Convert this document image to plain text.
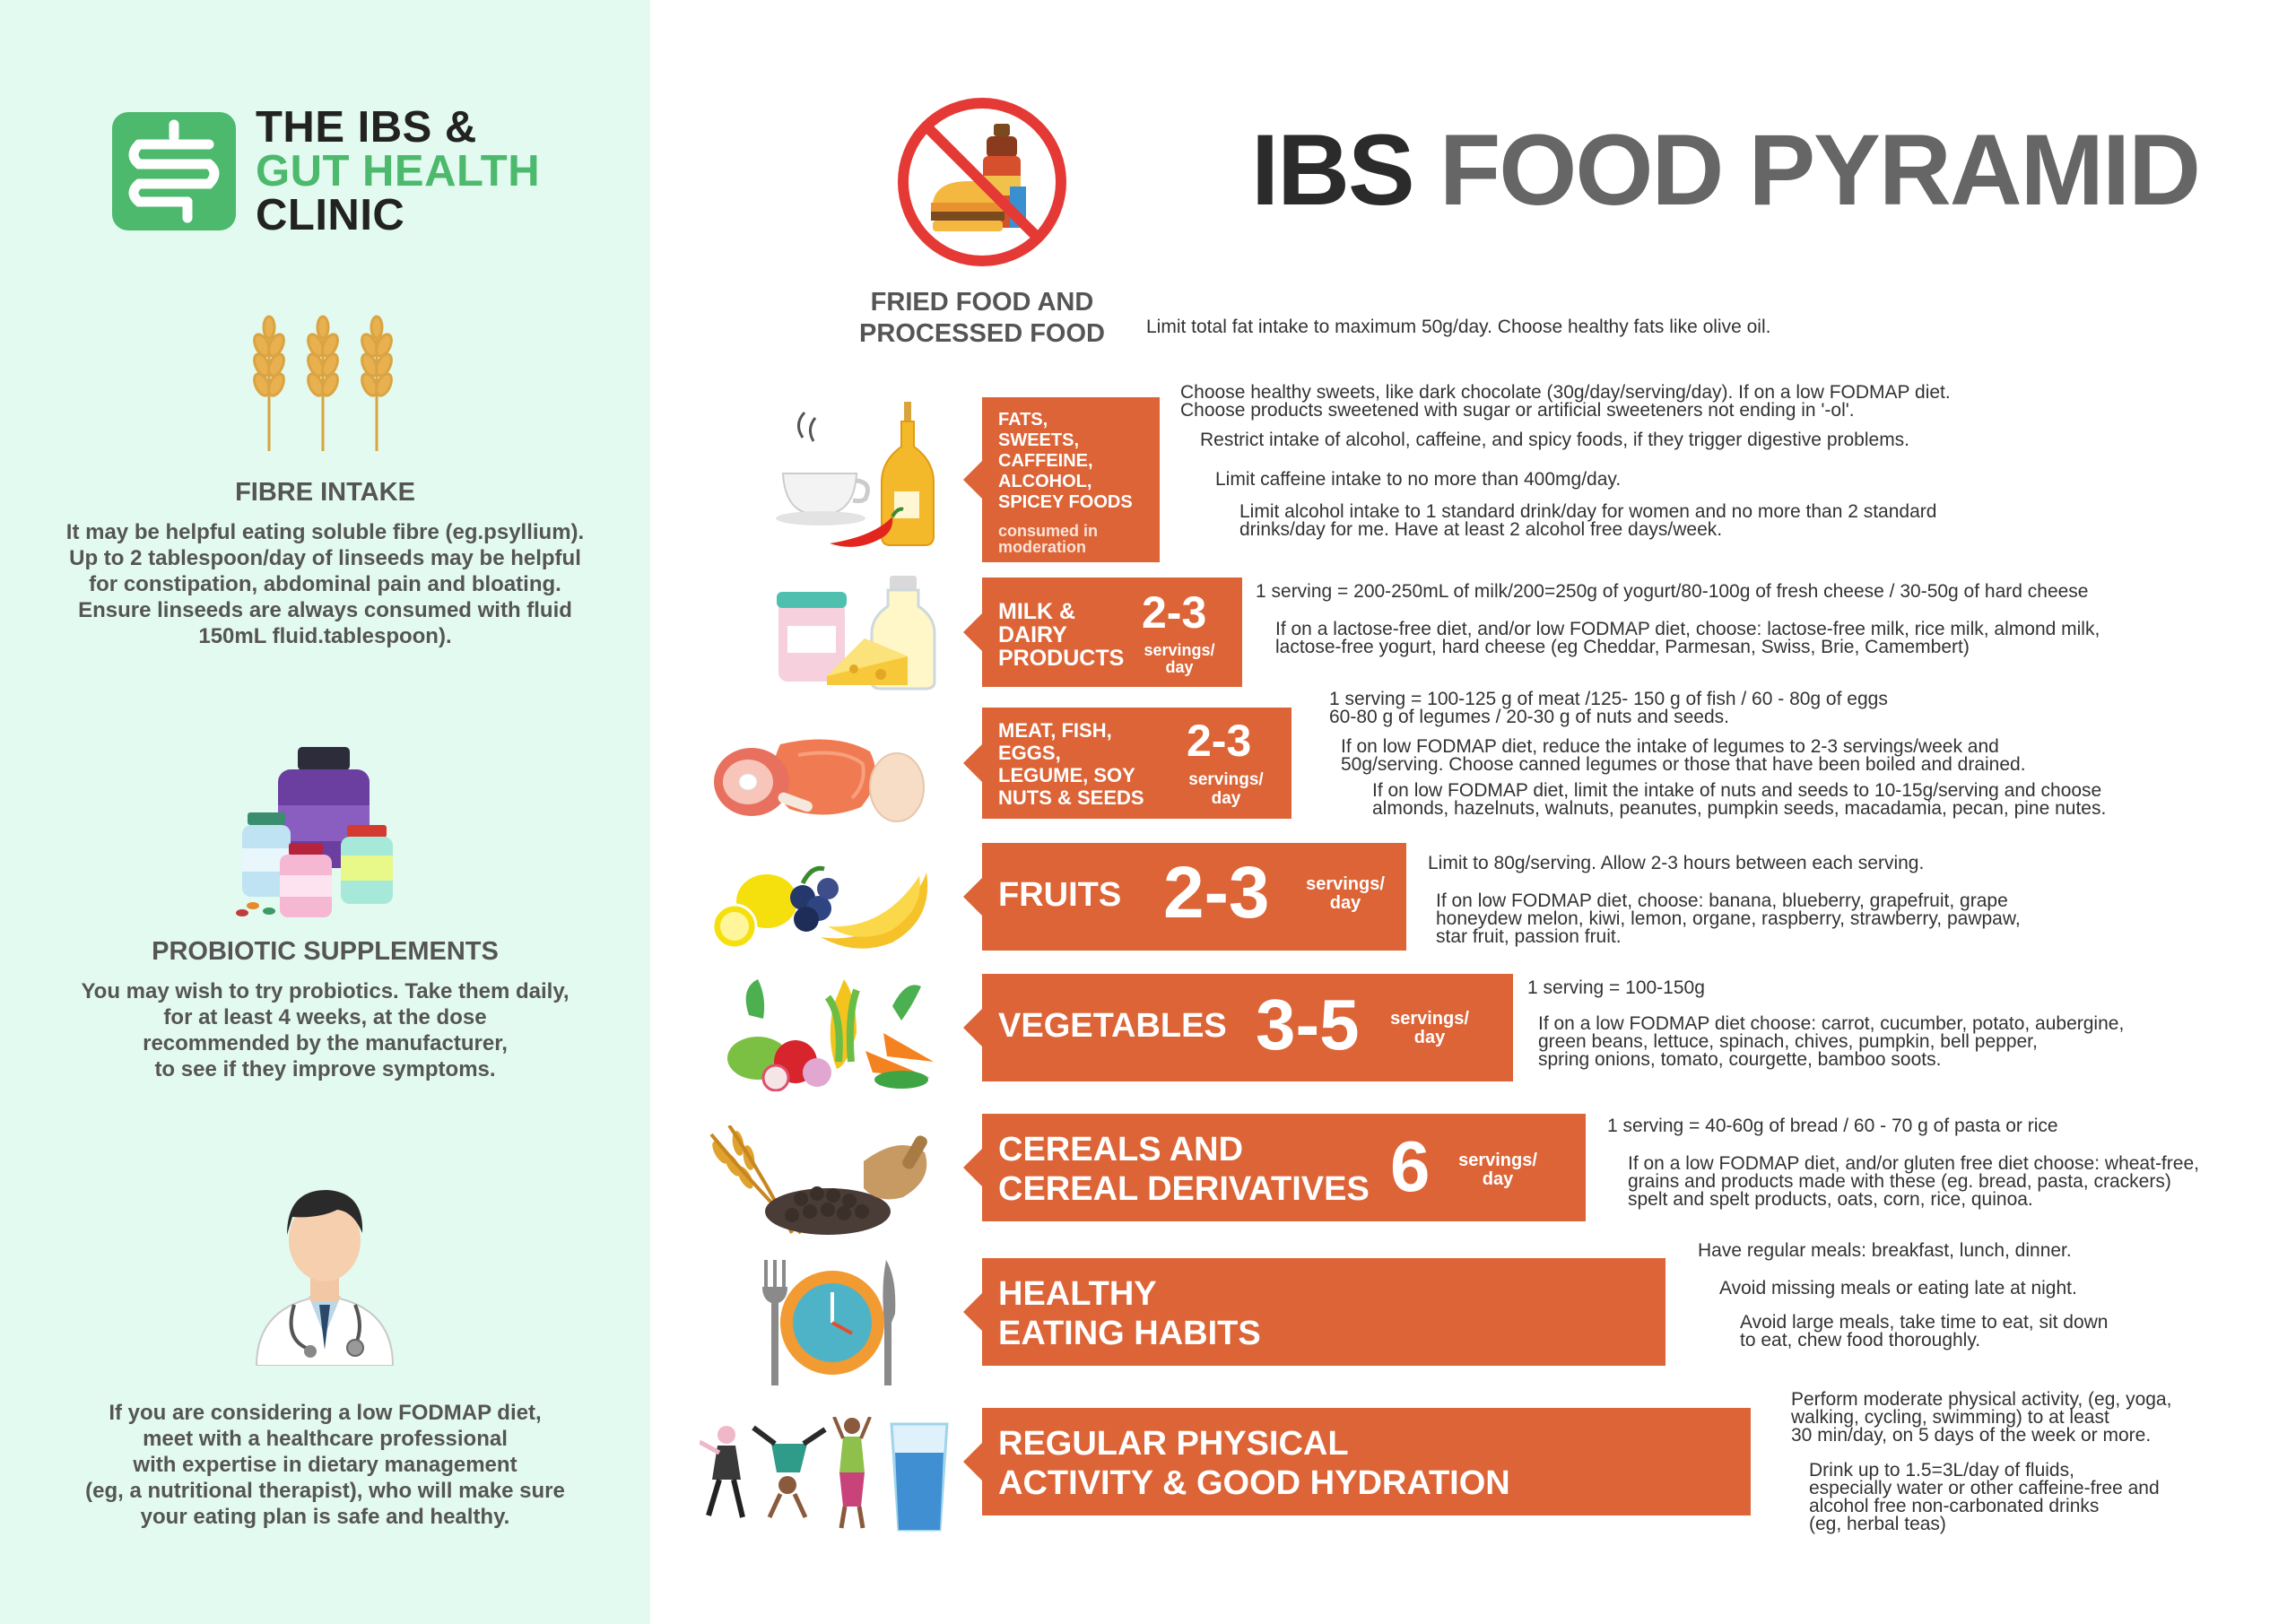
THE IBS &
GUT HEALTH
CLINIC
FIBRE INTAKE
It may be helpful eating soluble fibre (eg.psyllium).
Up to 2 tablespoon/day of linseeds may be helpful
for constipation, abdominal pain and bloating.
Ensure linseeds are always consumed with fluid
150mL fluid.tablespoon).
PROBIOTIC SUPPLEMENTS
You may wish to try probiotics. Take them daily,
for at least 4 weeks, at the dose
recommended by the manufacturer,
to see if they improve symptoms.
If you are considering a low FODMAP diet,
meet with a healthcare professional
with expertise in dietary management
(eg, a nutritional therapist), who will make sure
your eating plan is safe and healthy.
IBS FOOD PYRAMID
FRIED FOOD AND
PROCESSED FOOD	Limit total fat intake to maximum 50g/day. Choose healthy fats like olive oil.
FATS,
SWEETS,
CAFFEINE,
ALCOHOL,
SPICEY FOODS
consumed in
moderation
Choose healthy sweets, like dark chocolate (30g/day/serving/day). If on a low FODMAP diet.
Choose products sweetened with sugar or artificial sweeteners not ending in '-ol'.
Restrict intake of alcohol, caffeine, and spicy foods, if they trigger digestive problems.
Limit caffeine intake to no more than 400mg/day.
Limit alcohol intake to 1 standard drink/day for women and no more than 2 standard
drinks/day for me. Have at least 2 alcohol free days/week.
MILK &
DAIRY
PRODUCTS
2-3
servings/
day
1 serving = 200-250mL of milk/200=250g of yogurt/80-100g of fresh cheese / 30-50g of hard cheese
If on a lactose-free diet, and/or low FODMAP diet, choose: lactose-free milk, rice milk, almond milk,
lactose-free yogurt, hard cheese (eg Cheddar, Parmesan, Swiss, Brie, Camembert)
MEAT, FISH,
EGGS,
LEGUME, SOY
NUTS & SEEDS
2-3
servings/
day
1 serving = 100-125 g of meat /125- 150 g of fish / 60 - 80g of eggs
60-80 g of legumes / 20-30 g of nuts and seeds.
If on low FODMAP diet, reduce the intake of legumes to 2-3 servings/week and
50g/serving. Choose canned legumes or those that have been boiled and drained.
If on low FODMAP diet, limit the intake of nuts and seeds to 10-15g/serving and choose
almonds, hazelnuts, walnuts, peanutes, pumpkin seeds, macadamia, pecan, pine nutes.
FRUITS 2-3	servings/
day
Limit to 80g/serving. Allow 2-3 hours between each serving.
If on low FODMAP diet, choose: banana, blueberry, grapefruit, grape
honeydew melon, kiwi, lemon, organe, raspberry, strawberry, pawpaw,
star fruit, passion fruit.
VEGETABLES 3-5	servings/
day
1 serving = 100-150g
If on a low FODMAP diet choose: carrot, cucumber, potato, aubergine,
green beans, lettuce, spinach, chives, pumpkin, bell pepper,
spring onions, tomato, courgette, bamboo soots.
CEREALS AND
CEREAL DERIVATIVES 6	servings/
day
1 serving = 40-60g of bread / 60 - 70 g of pasta or rice
If on a low FODMAP diet, and/or gluten free diet choose: wheat-free,
grains and products made with these (eg. bread, pasta, crackers)
spelt and spelt products, oats, corn, rice, quinoa.
HEALTHY
EATING HABITS
Have regular meals: breakfast, lunch, dinner.
Avoid missing meals or eating late at night.
Avoid large meals, take time to eat, sit down
to eat, chew food thoroughly.
REGULAR PHYSICAL
ACTIVITY & GOOD HYDRATION
Perform moderate physical activity, (eg, yoga,
walking, cycling, swimming) to at least
30 min/day, on 5 days of the week or more.
Drink up to 1.5=3L/day of fluids,
especially water or other caffeine-free and
alcohol free non-carbonated drinks
(eg, herbal teas)
